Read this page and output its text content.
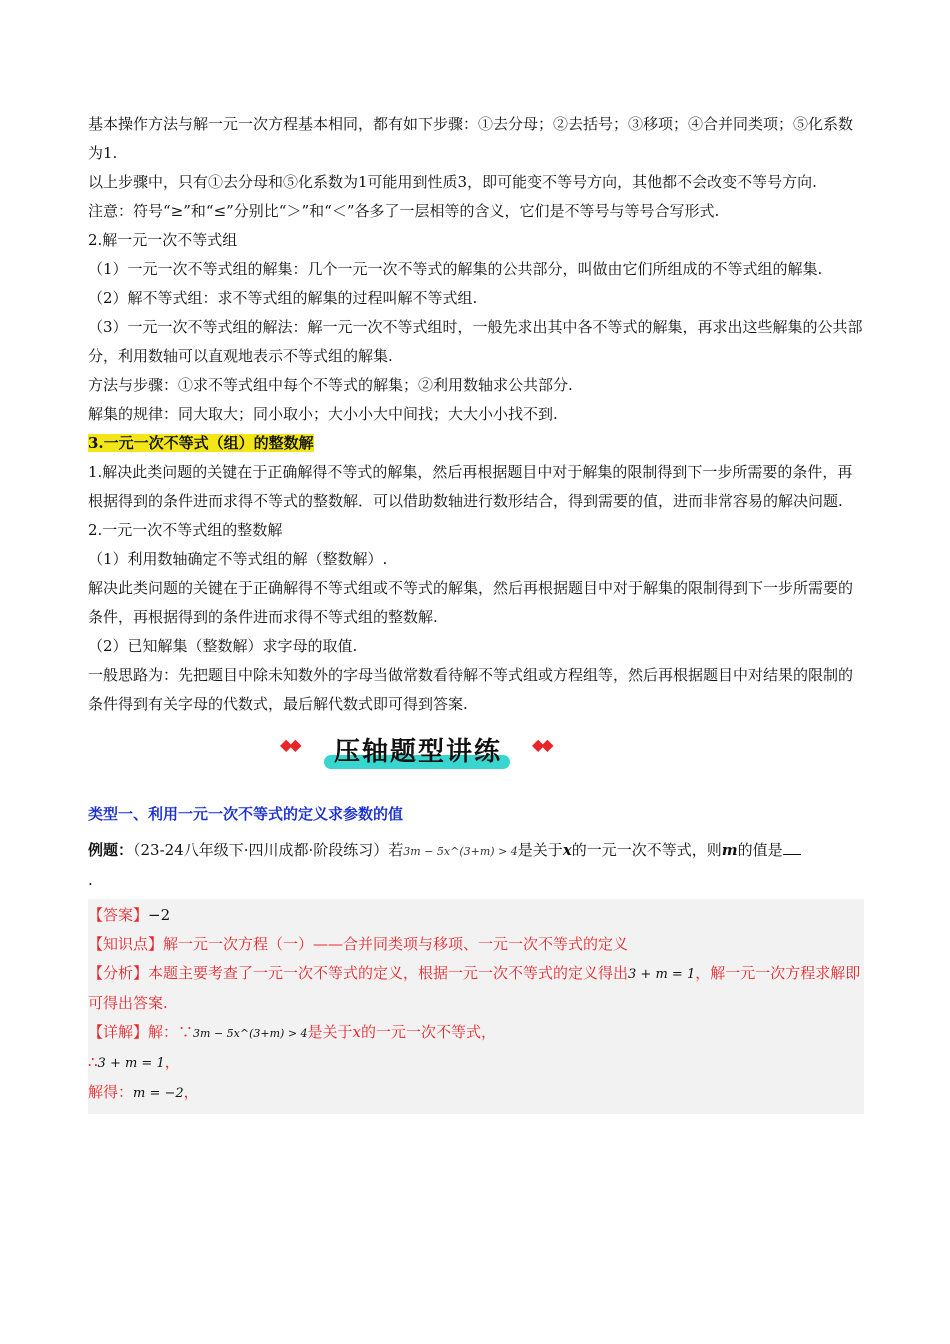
基本操作方法与解一元一次方程基本相同，都有如下步骤：①去分母；②去括号；③移项；④合并同类项；⑤化系数为1.

以上步骤中，只有①去分母和⑤化系数为1可能用到性质3，即可能变不等号方向，其他都不会改变不等号方向.

注意：符号“≥”和“≤”分别比“＞”和“＜”各多了一层相等的含义，它们是不等号与等号合写形式.

2.解一元一次不等式组

（1）一元一次不等式组的解集：几个一元一次不等式的解集的公共部分，叫做由它们所组成的不等式组的解集.

（2）解不等式组：求不等式组的解集的过程叫解不等式组.

（3）一元一次不等式组的解法：解一元一次不等式组时，一般先求出其中各不等式的解集，再求出这些解集的公共部分，利用数轴可以直观地表示不等式组的解集.

方法与步骤：①求不等式组中每个不等式的解集；②利用数轴求公共部分.

解集的规律：同大取大；同小取小；大小小大中间找；大大小小找不到.

3.一元一次不等式（组）的整数解

1.解决此类问题的关键在于正确解得不等式的解集，然后再根据题目中对于解集的限制得到下一步所需要的条件，再根据得到的条件进而求得不等式的整数解．可以借助数轴进行数形结合，得到需要的值，进而非常容易的解决问题.

2.一元一次不等式组的整数解

（1）利用数轴确定不等式组的解（整数解）.

解决此类问题的关键在于正确解得不等式组或不等式的解集，然后再根据题目中对于解集的限制得到下一步所需要的条件，再根据得到的条件进而求得不等式组的整数解.

（2）已知解集（整数解）求字母的取值.

一般思路为：先把题目中除未知数外的字母当做常数看待解不等式组或方程组等，然后再根据题目中对结果的限制的条件得到有关字母的代数式，最后解代数式即可得到答案.

◆◆ 压轴题型讲练 ◆◆
类型一、利用一元一次不等式的定义求参数的值
例题：（23-24八年级下·四川成都·阶段练习）若3m − 5x^(3+m) > 4是关于x的一元一次不等式，则m的值是
.

【答案】−2

【知识点】解一元一次方程（一）——合并同类项与移项、一元一次不等式的定义

【分析】本题主要考查了一元一次不等式的定义，根据一元一次不等式的定义得出3 + m = 1，解一元一次方程求解即可得出答案.

【详解】解：∵3m − 5x^(3+m) > 4是关于x的一元一次不等式，

∴3 + m = 1，

解得：m = −2，
